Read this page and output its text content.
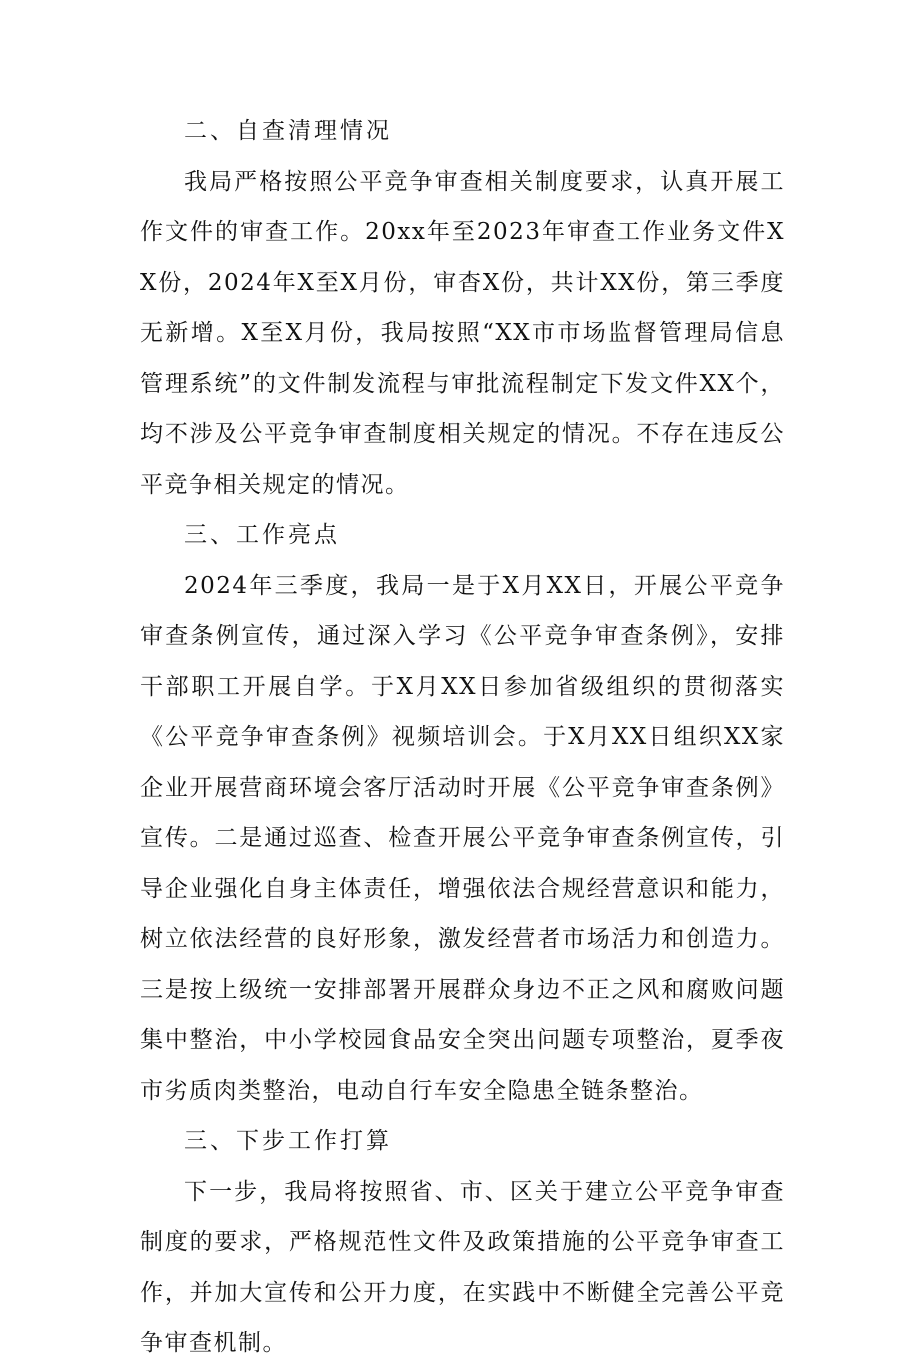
二、自查清理情况

我局严格按照公平竞争审查相关制度要求，认真开展工作文件的审查工作。20xx年至2023年审查工作业务文件XX份，2024年X至X月份，审杳X份，共计XX份，第三季度无新增。X至X月份，我局按照“XX市市场监督管理局信息管理系统”的文件制发流程与审批流程制定下发文件XX个，均不涉及公平竞争审查制度相关规定的情况。不存在违反公平竞争相关规定的情况。

三、工作亮点

2024年三季度，我局一是于X月XX日，开展公平竞争审查条例宣传，通过深入学习《公平竞争审查条例》，安排干部职工开展自学。于X月XX日参加省级组织的贯彻落实《公平竞争审查条例》视频培训会。于X月XX日组织XX家企业开展营商环境会客厅活动时开展《公平竞争审查条例》宣传。二是通过巡查、检查开展公平竞争审查条例宣传，引导企业强化自身主体责任，增强依法合规经营意识和能力，树立依法经营的良好形象，激发经营者市场活力和创造力。三是按上级统一安排部署开展群众身边不正之风和腐败问题集中整治，中小学校园食品安全突出问题专项整治，夏季夜市劣质肉类整治，电动自行车安全隐患全链条整治。

三、下步工作打算

下一步，我局将按照省、市、区关于建立公平竞争审查制度的要求，严格规范性文件及政策措施的公平竞争审查工作，并加大宣传和公开力度，在实践中不断健全完善公平竞争审查机制。
